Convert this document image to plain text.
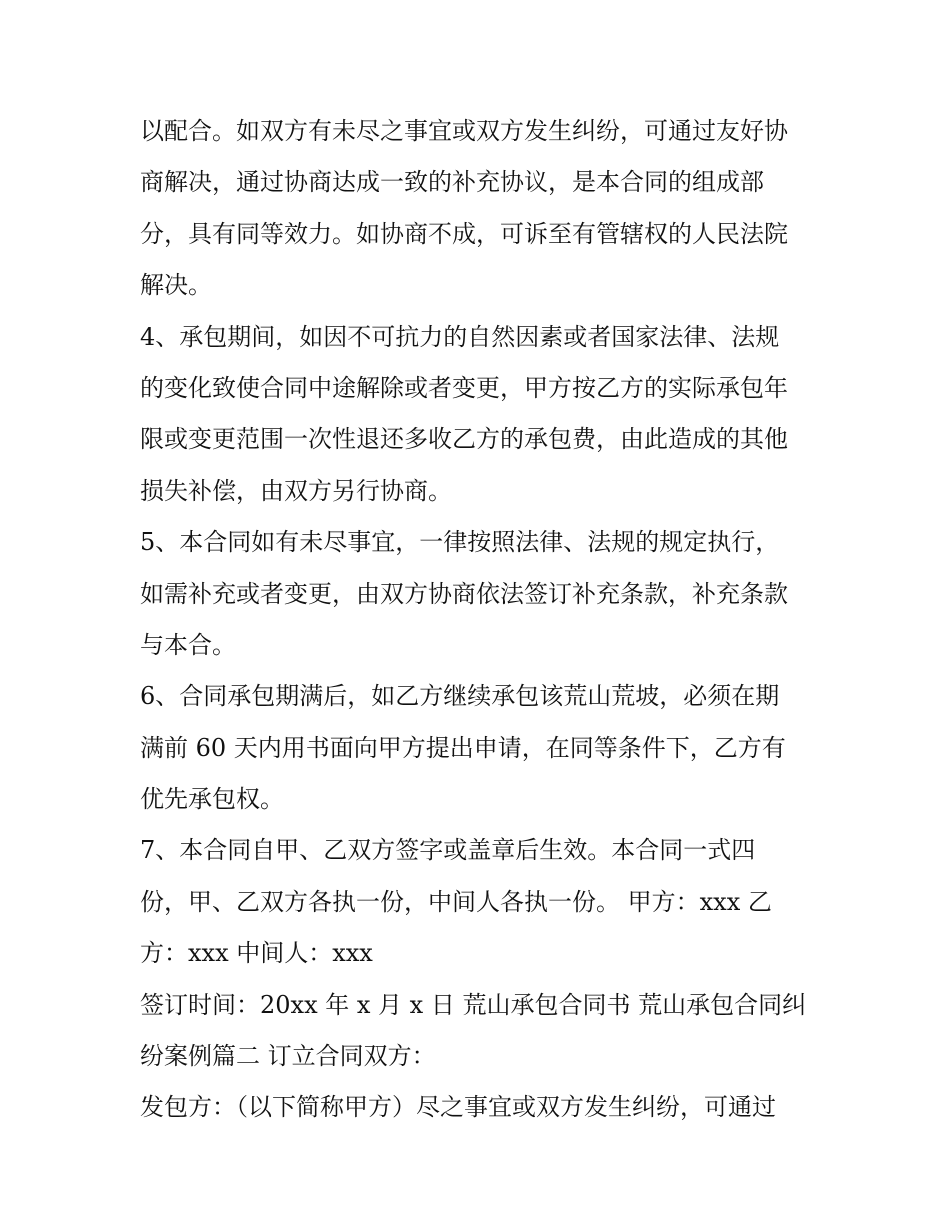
以配合。如双方有未尽之事宜或双方发生纠纷，可通过友好协
商解决，通过协商达成一致的补充协议，是本合同的组成部
分，具有同等效力。如协商不成，可诉至有管辖权的人民法院
解决。
4、承包期间，如因不可抗力的自然因素或者国家法律、法规
的变化致使合同中途解除或者变更，甲方按乙方的实际承包年
限或变更范围一次性退还多收乙方的承包费，由此造成的其他
损失补偿，由双方另行协商。
5、本合同如有未尽事宜，一律按照法律、法规的规定执行，
如需补充或者变更，由双方协商依法签订补充条款，补充条款
与本合。
6、合同承包期满后，如乙方继续承包该荒山荒坡，必须在期
满前 60 天内用书面向甲方提出申请，在同等条件下，乙方有
优先承包权。
7、本合同自甲、乙双方签字或盖章后生效。本合同一式四
份，甲、乙双方各执一份，中间人各执一份。 甲方：xxx 乙
方：xxx 中间人：xxx
签订时间：20xx 年 x 月 x 日 荒山承包合同书 荒山承包合同纠
纷案例篇二 订立合同双方：
发包方：（以下简称甲方）尽之事宜或双方发生纠纷，可通过
